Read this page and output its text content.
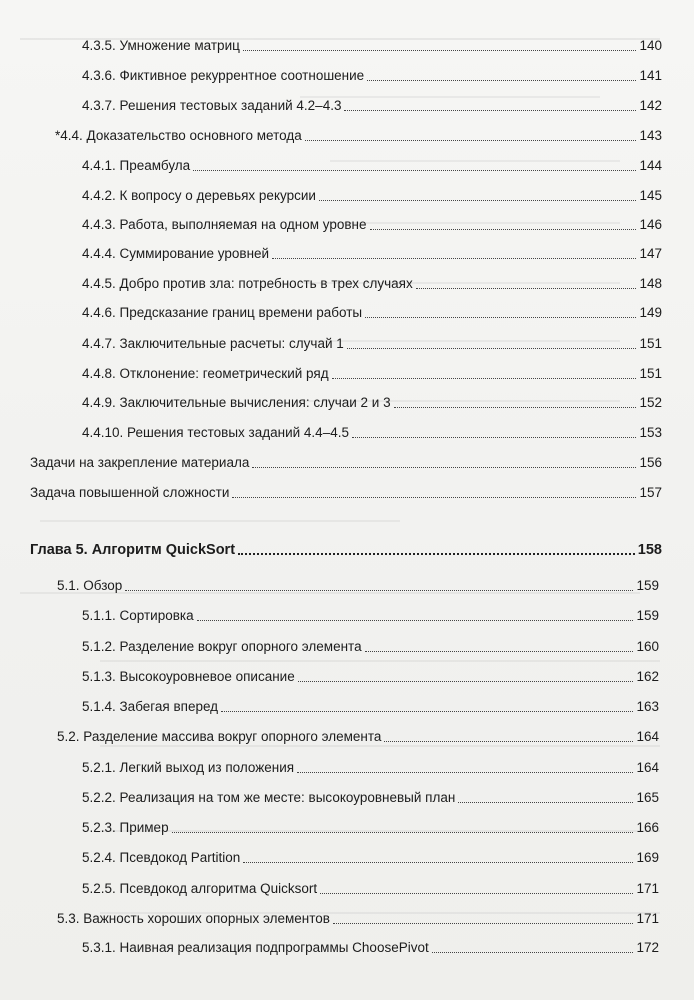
4.3.5. Умножение матриц	140
4.3.6. Фиктивное рекуррентное соотношение	141
4.3.7. Решения тестовых заданий 4.2–4.3	142
*4.4. Доказательство основного метода	143
4.4.1. Преамбула	144
4.4.2. К вопросу о деревьях рекурсии	145
4.4.3. Работа, выполняемая на одном уровне	146
4.4.4. Суммирование уровней	147
4.4.5. Добро против зла: потребность в трех случаях	148
4.4.6. Предсказание границ времени работы	149
4.4.7. Заключительные расчеты: случай 1	151
4.4.8. Отклонение: геометрический ряд	151
4.4.9. Заключительные вычисления: случаи 2 и 3	152
4.4.10. Решения тестовых заданий 4.4–4.5	153
Задачи на закрепление материала	156
Задача повышенной сложности	157
Глава 5. Алгоритм QuickSort	158
5.1. Обзор	159
5.1.1. Сортировка	159
5.1.2. Разделение вокруг опорного элемента	160
5.1.3. Высокоуровневое описание	162
5.1.4. Забегая вперед	163
5.2. Разделение массива вокруг опорного элемента	164
5.2.1. Легкий выход из положения	164
5.2.2. Реализация на том же месте: высокоуровневый план	165
5.2.3. Пример	166
5.2.4. Псевдокод Partition	169
5.2.5. Псевдокод алгоритма Quicksort	171
5.3. Важность хороших опорных элементов	171
5.3.1. Наивная реализация подпрограммы ChoosePivot	172
